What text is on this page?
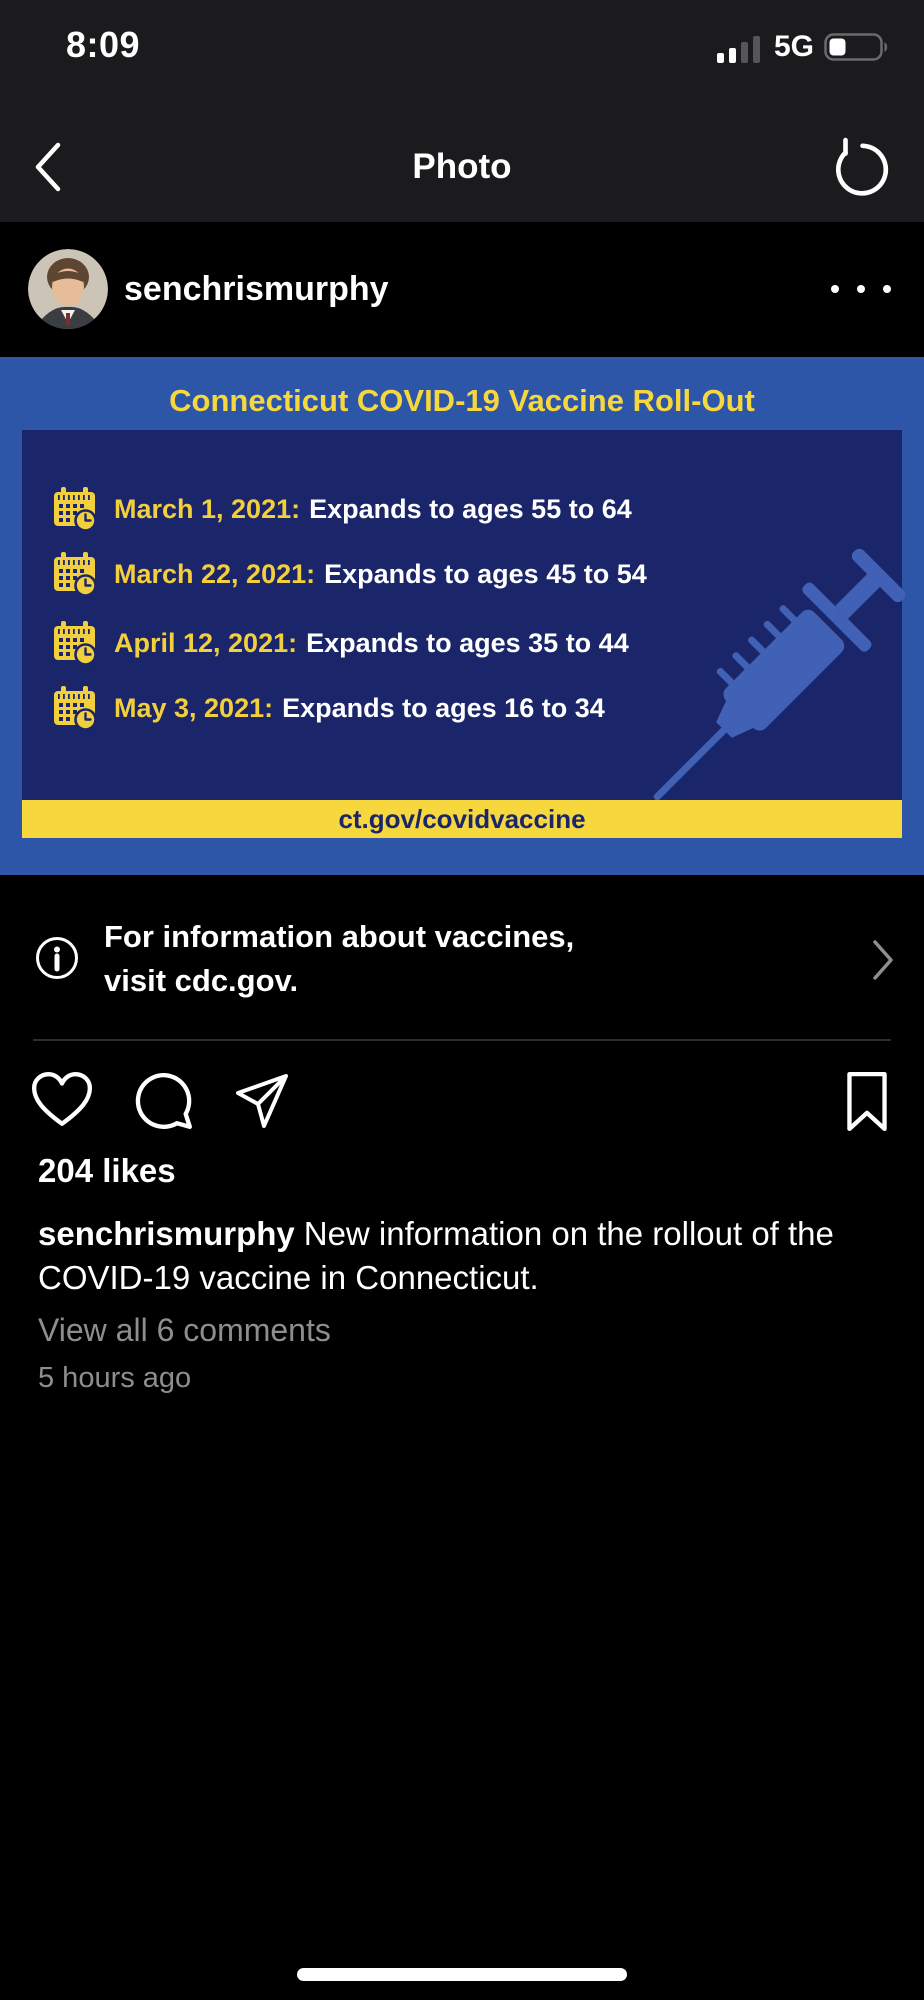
8:09	5G
Photo
senchrismurphy
Connecticut COVID-19 Vaccine Roll-Out
March 1, 2021: Expands to ages 55 to 64
March 22, 2021: Expands to ages 45 to 54
April 12, 2021: Expands to ages 35 to 44
May 3, 2021: Expands to ages 16 to 34
ct.gov/covidvaccine
For information about vaccines,
visit cdc.gov.
204 likes
senchrismurphy New information on the rollout of the COVID-19 vaccine in Connecticut.
View all 6 comments
5 hours ago
